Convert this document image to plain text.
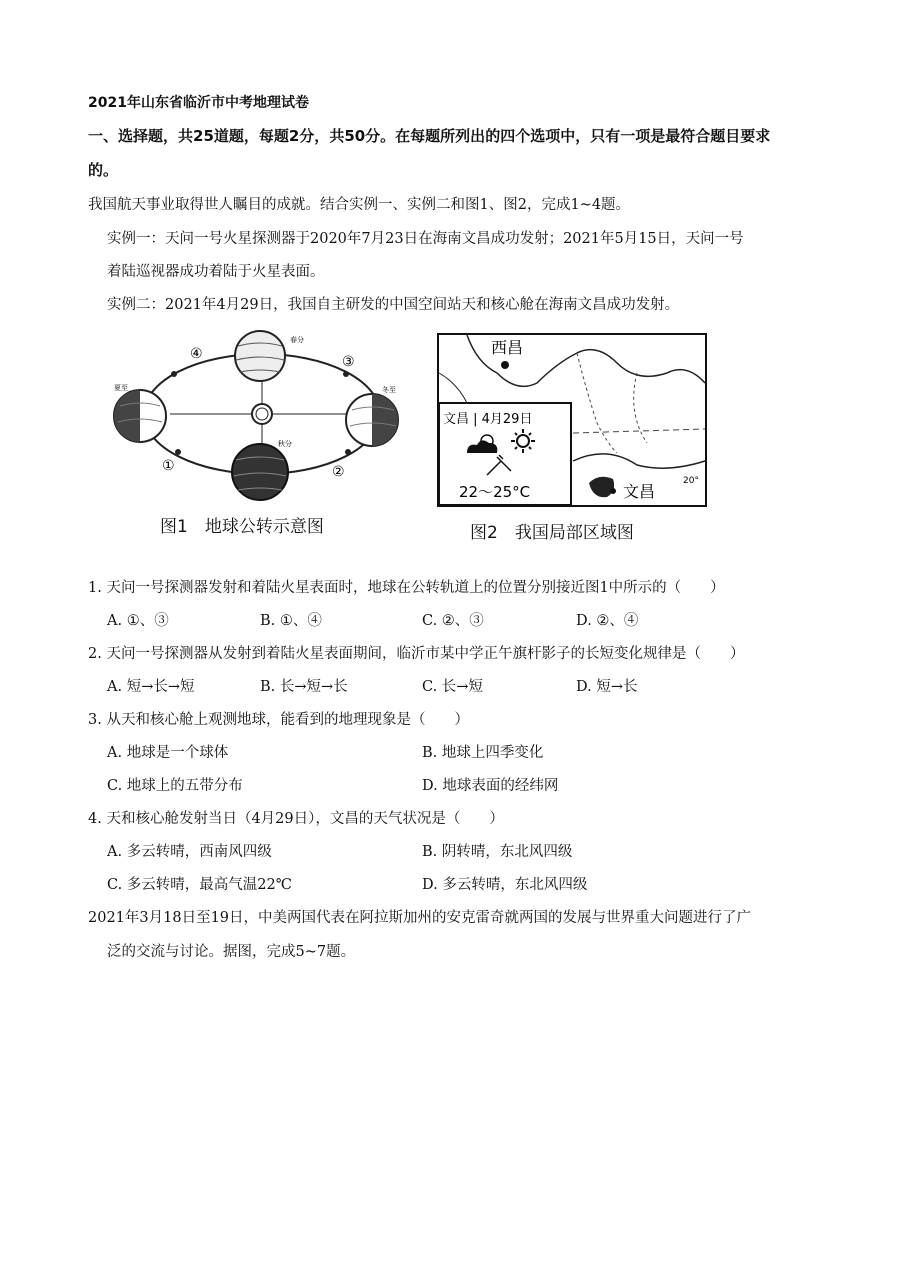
2021年山东省临沂市中考地理试卷
一、选择题，共25道题，每题2分，共50分。在每题所列出的四个选项中，只有一项是最符合题目要求
的。
我国航天事业取得世人瞩目的成就。结合实例一、实例二和图1、图2，完成1~4题。
实例一：天问一号火星探测器于2020年7月23日在海南文昌成功发射；2021年5月15日，天问一号
着陆巡视器成功着陆于火星表面。
实例二：2021年4月29日，我国自主研发的中国空间站天和核心舱在海南文昌成功发射。
①	②
③
④
春分
夏至	冬至
秋分
图1　地球公转示意图
文昌 | 4月29日
22～25°C
西昌
文昌
20°
图2　我国局部区域图
1. 天问一号探测器发射和着陆火星表面时，地球在公转轨道上的位置分别接近图1中所示的（　　）
A. ①、③	B. ①、④	C. ②、③	D. ②、④
2. 天问一号探测器从发射到着陆火星表面期间，临沂市某中学正午旗杆影子的长短变化规律是（　　）
A. 短→长→短	B. 长→短→长	C. 长→短	D. 短→长
3. 从天和核心舱上观测地球，能看到的地理现象是（　　）
A. 地球是一个球体	B. 地球上四季变化
C. 地球上的五带分布	D. 地球表面的经纬网
4. 天和核心舱发射当日（4月29日），文昌的天气状况是（　　）
A. 多云转晴，西南风四级	B. 阴转晴，东北风四级
C. 多云转晴，最高气温22℃	D. 多云转晴，东北风四级
2021年3月18日至19日，中美两国代表在阿拉斯加州的安克雷奇就两国的发展与世界重大问题进行了广
泛的交流与讨论。据图，完成5~7题。
